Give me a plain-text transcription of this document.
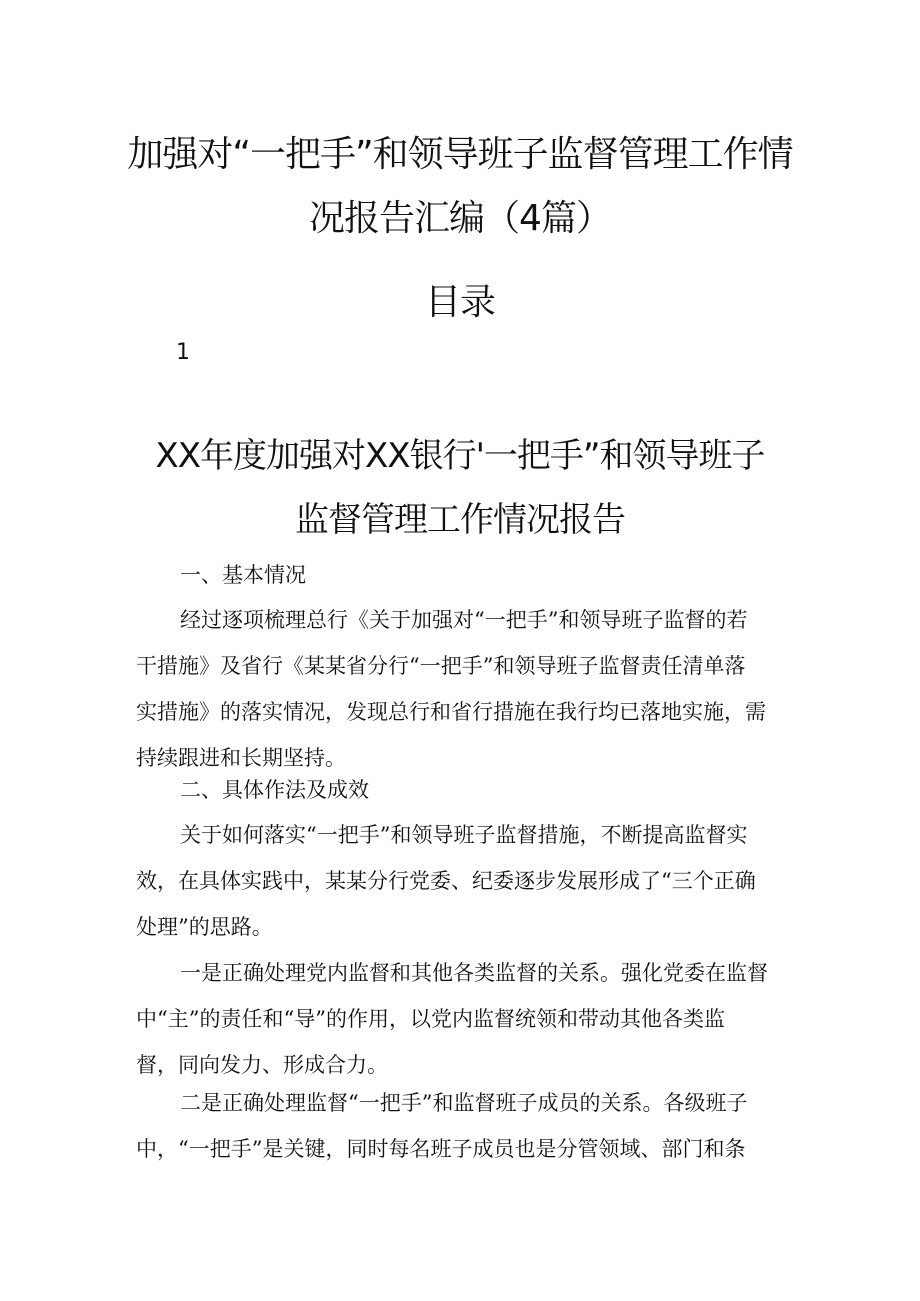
加强对“一把手”和领导班子监督管理工作情
况报告汇编（4篇）
目录
1
XX年度加强对XX银行'一把手”和领导班子
监督管理工作情况报告

一、基本情况

经过逐项梳理总行《关于加强对“一把手”和领导班子监督的若
干措施》及省行《某某省分行“一把手”和领导班子监督责任清单落
实措施》的落实情况，发现总行和省行措施在我行均已落地实施，需
持续跟进和长期坚持。

二、具体作法及成效

关于如何落实“一把手”和领导班子监督措施，不断提高监督实
效，在具体实践中，某某分行党委、纪委逐步发展形成了“三个正确
处理”的思路。

一是正确处理党内监督和其他各类监督的关系。强化党委在监督
中“主”的责任和“导”的作用，以党内监督统领和带动其他各类监
督，同向发力、形成合力。

二是正确处理监督“一把手”和监督班子成员的关系。各级班子
中，“一把手”是关键，同时每名班子成员也是分管领域、部门和条
